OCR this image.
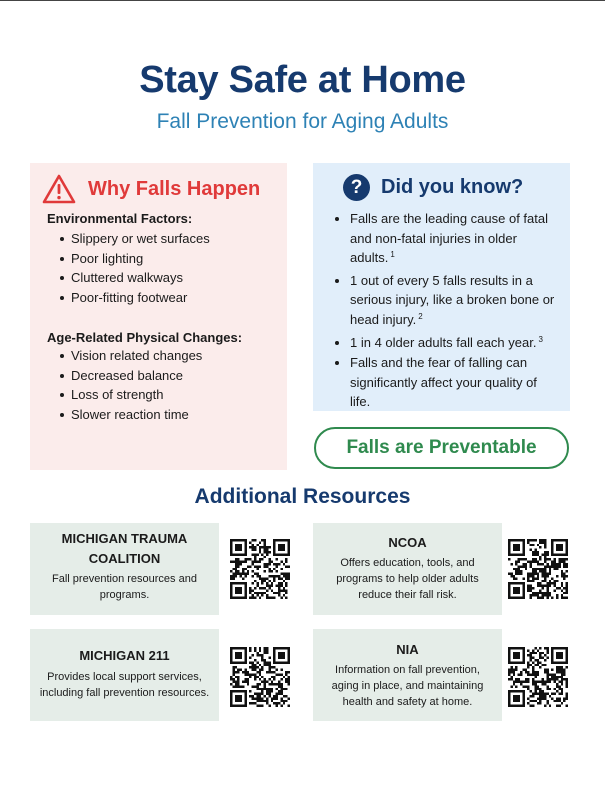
Stay Safe at Home
Fall Prevention for Aging Adults
Why Falls Happen
Environmental Factors:
Slippery or wet surfaces
Poor lighting
Cluttered walkways
Poor-fitting footwear
Age-Related Physical Changes:
Vision related changes
Decreased balance
Loss of strength
Slower reaction time
? Did you know?
Falls are the leading cause of fatal and non-fatal injuries in older adults. $^1$
1 out of every 5 falls results in a serious injury, like a broken bone or head injury. $^2$
1 in 4 older adults fall each year. $^3$
Falls and the fear of falling can significantly affect your quality of life.
Falls are Preventable
Additional Resources
MICHIGAN TRAUMA COALITION
Fall prevention resources and programs.
NCOA
Offers education, tools, and programs to help older adults reduce their fall risk.
MICHIGAN 211
Provides local support services, including fall prevention resources.
NIA
Information on fall prevention, aging in place, and maintaining health and safety at home.
